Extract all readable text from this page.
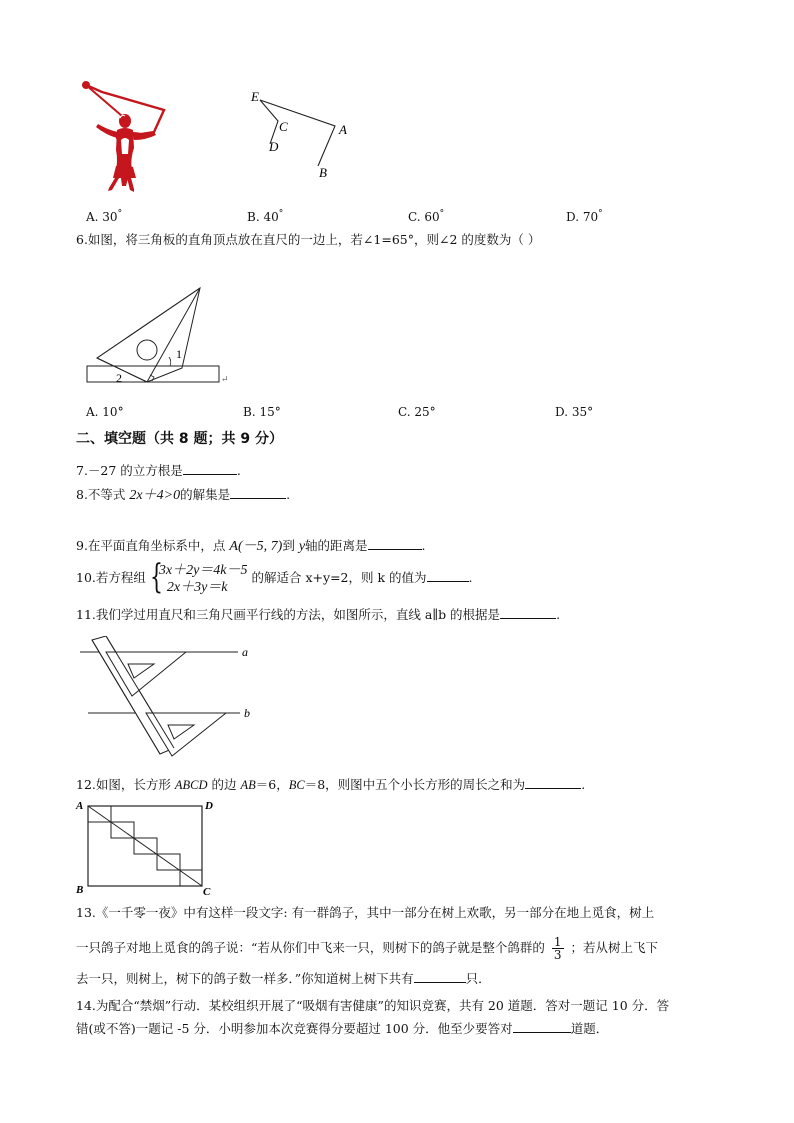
E
C
D
A
B
A. 30°	B. 40°	C. 60°	D. 70°
6.如图，将三角板的直角顶点放在直尺的一边上，若∠1=65°，则∠2 的度数为（ ）
1
2	↵
A. 10°	B. 15°	C. 25°	D. 35°
二、填空题（共 8 题；共 9 分）
7.－27 的立方根是	.
8.不等式 2x＋4>0的解集是	.
9.在平面直角坐标系中，点 A(－5, 7)到 y轴的距离是	.
10.若方程组 {
3x＋2y＝4k－5
2x＋3y＝k
的解适合 x+y=2，则 k 的值为	.
11.我们学过用直尺和三角尺画平行线的方法，如图所示，直线 a∥b 的根据是	.
a
b
12.如图，长方形 ABCD 的边 AB＝6，BC＝8，则图中五个小长方形的周长之和为	.
A	D
B	C
13.《一千零一夜》中有这样一段文字: 有一群鸽子，其中一部分在树上欢歌，另一部分在地上觅食，树上
一只鸽子对地上觅食的鸽子说：“若从你们中飞来一只，则树下的鸽子就是整个鸽群的 $\frac{1}{3}$ ；若从树上飞下
去一只，则树上，树下的鸽子数一样多．”你知道树上树下共有	只．
14.为配合“禁烟”行动．某校组织开展了“吸烟有害健康”的知识竞赛，共有 20 道题．答对一题记 10 分．答
错(或不答)一题记 -5 分．小明参加本次竞赛得分要超过 100 分．他至少要答对	道题．
